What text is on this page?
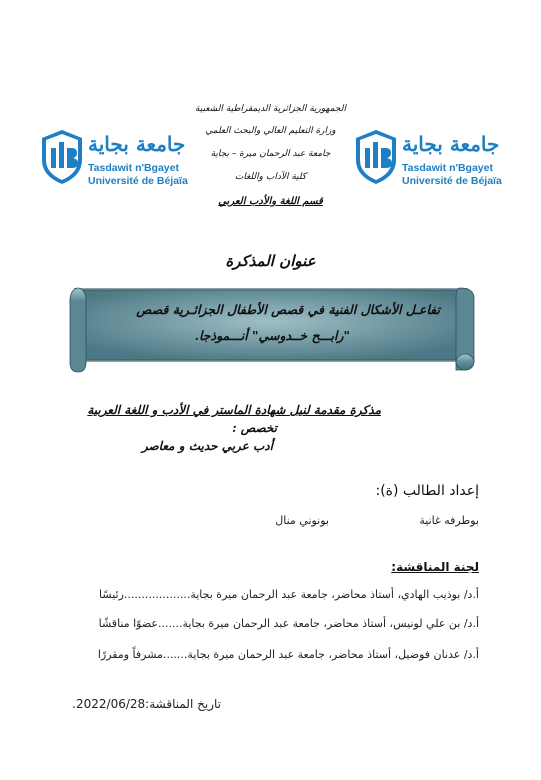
جامعة بجاية
Tasdawit n'Bgayet
Université de Béjaïa
جامعة بجاية
Tasdawit n'Bgayet
Université de Béjaïa
الجمهورية الجزائرية الديمقراطية الشعبية
وزارة التعليم العالي والبحث العلمي
جامعة عبد الرحمان ميرة – بجاية
كلية الآداب واللغات
قسم اللغة والأدب العربي
عنوان المذكرة
تفاعـل الأشكال الفنية في قصص الأطفال الجزائـرية قصص
"رابـــح خــدوسي" أنـــموذجا.
مذكرة مقدمة لنيل شهادة الماستر في الأدب و اللغة العربية
تخصص :
أدب عربي حديث و معاصر
إعداد الطالب (ة):
بوطرفه غانية
بونوني منال
لجنة المناقشة:
أ.د/ بوذيب الهادي، أستاذ محاضر، جامعة عبد الرحمان ميرة بجاية...................رئيسًا
أ.د/ بن علي لونيس، أستاذ محاضر، جامعة عبد الرحمان ميرة بجاية.......عضوًا مناقشًا
أ.د/ عدنان فوضيل، أستاذ محاضر، جامعة عبد الرحمان ميرة بجاية.......مشرفاً ومقررًا
تاريخ المناقشة:2022/06/28.
